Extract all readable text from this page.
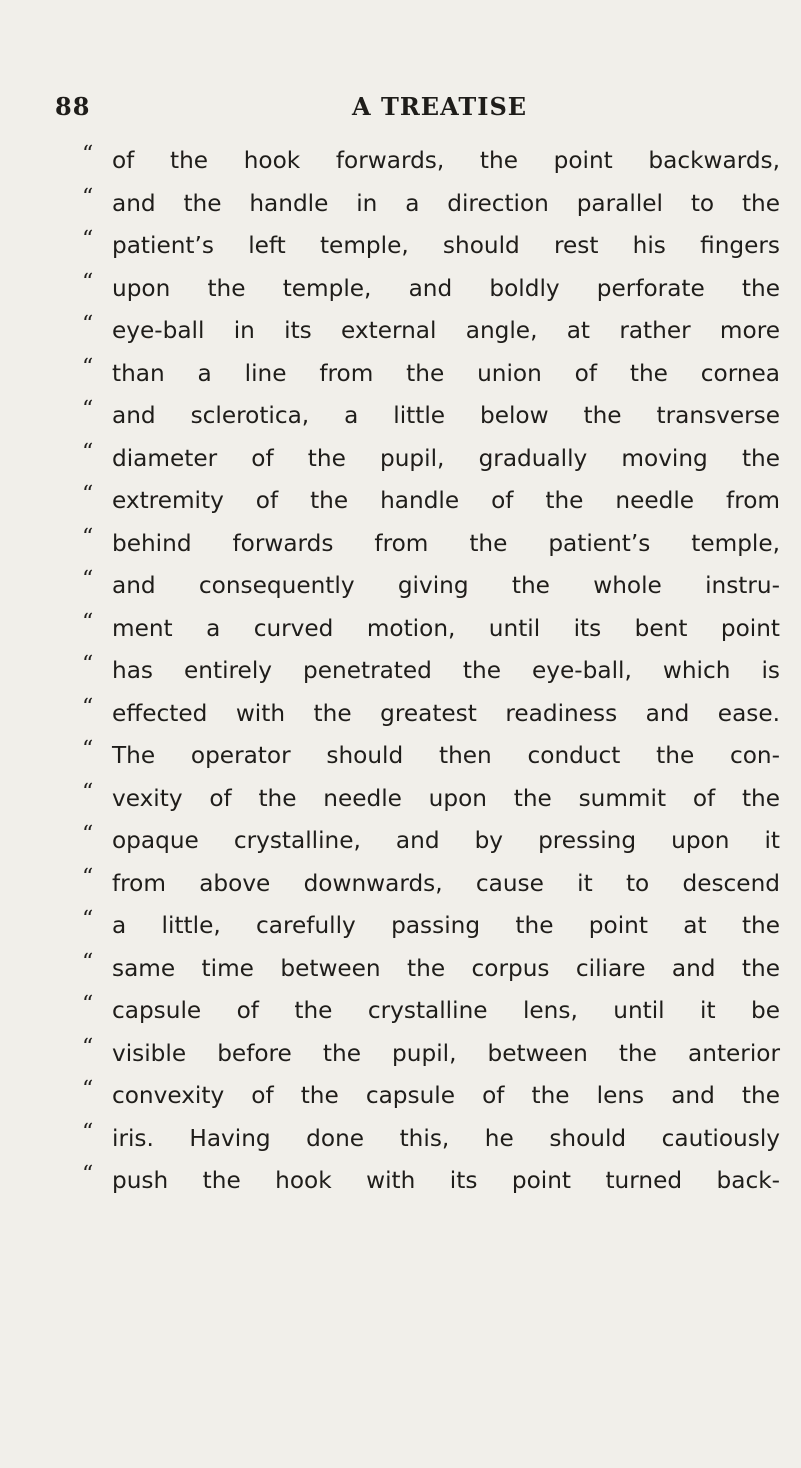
88	A TREATISE
“ of the hook forwards, the point backwards,
“ and the handle in a direction parallel to the
“ patient’s left temple, should rest his fingers
“ upon the temple, and boldly perforate the
“ eye-ball in its external angle, at rather more
“ than a line from the union of the cornea
“ and sclerotica, a little below the transverse
“ diameter of the pupil, gradually moving the
“ extremity of the handle of the needle from
“ behind forwards from the patient’s temple,
“ and consequently giving the whole instru-
“ ment a curved motion, until its bent point
“ has entirely penetrated the eye-ball, which is
“ effected with the greatest readiness and ease.
“ The operator should then conduct the con-
“ vexity of the needle upon the summit of the
“ opaque crystalline, and by pressing upon it
“ from above downwards, cause it to descend
“ a little, carefully passing the point at the
“ same time between the corpus ciliare and the
“ capsule of the crystalline lens, until it be
“ visible before the pupil, between the anterior
“ convexity of the capsule of the lens and the
“ iris. Having done this, he should cautiously
“ push the hook with its point turned back-
